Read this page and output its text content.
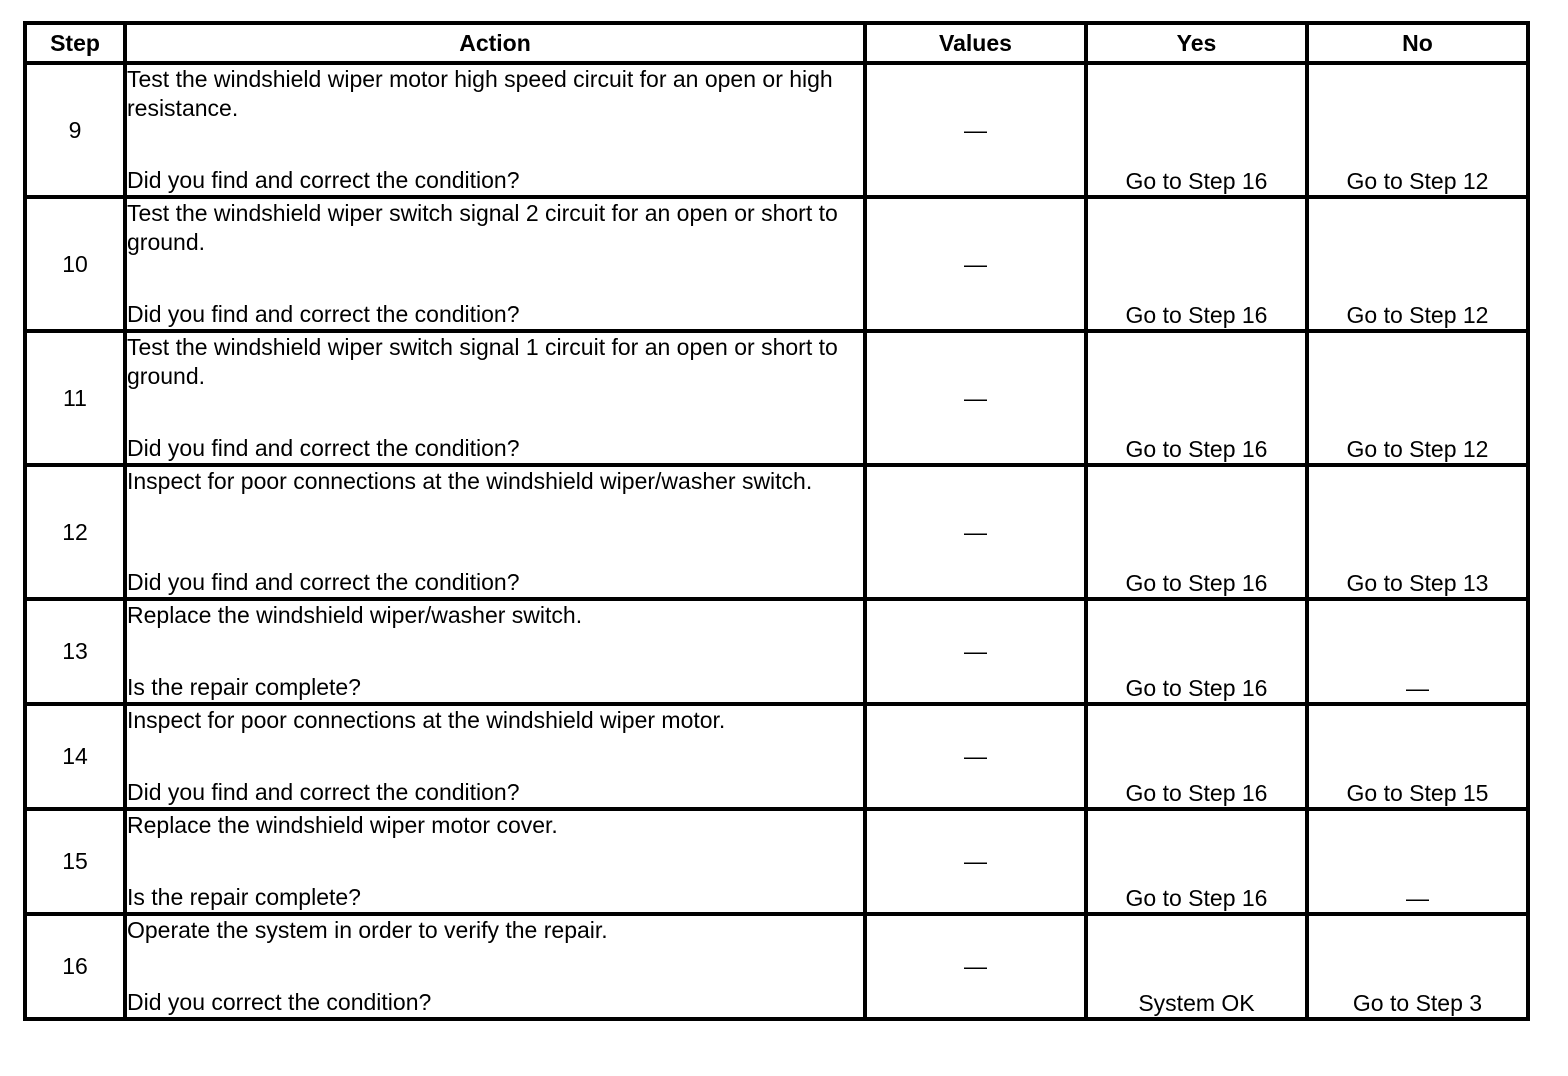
Step	Action	Values	Yes	No
9	Test the windshield wiper motor high speed circuit for an open or high resistance.
Did you find and correct the condition?	—	Go to Step 16	Go to Step 12
10	Test the windshield wiper switch signal 2 circuit for an open or short to ground.
Did you find and correct the condition?	—	Go to Step 16	Go to Step 12
11	Test the windshield wiper switch signal 1 circuit for an open or short to ground.
Did you find and correct the condition?	—	Go to Step 16	Go to Step 12
12	Inspect for poor connections at the windshield wiper/washer switch.
Did you find and correct the condition?	—	Go to Step 16	Go to Step 13
13	Replace the windshield wiper/washer switch.
Is the repair complete?	—	Go to Step 16	—
14	Inspect for poor connections at the windshield wiper motor.
Did you find and correct the condition?	—	Go to Step 16	Go to Step 15
15	Replace the windshield wiper motor cover.
Is the repair complete?	—	Go to Step 16	—
16	Operate the system in order to verify the repair.
Did you correct the condition?	—	System OK	Go to Step 3
